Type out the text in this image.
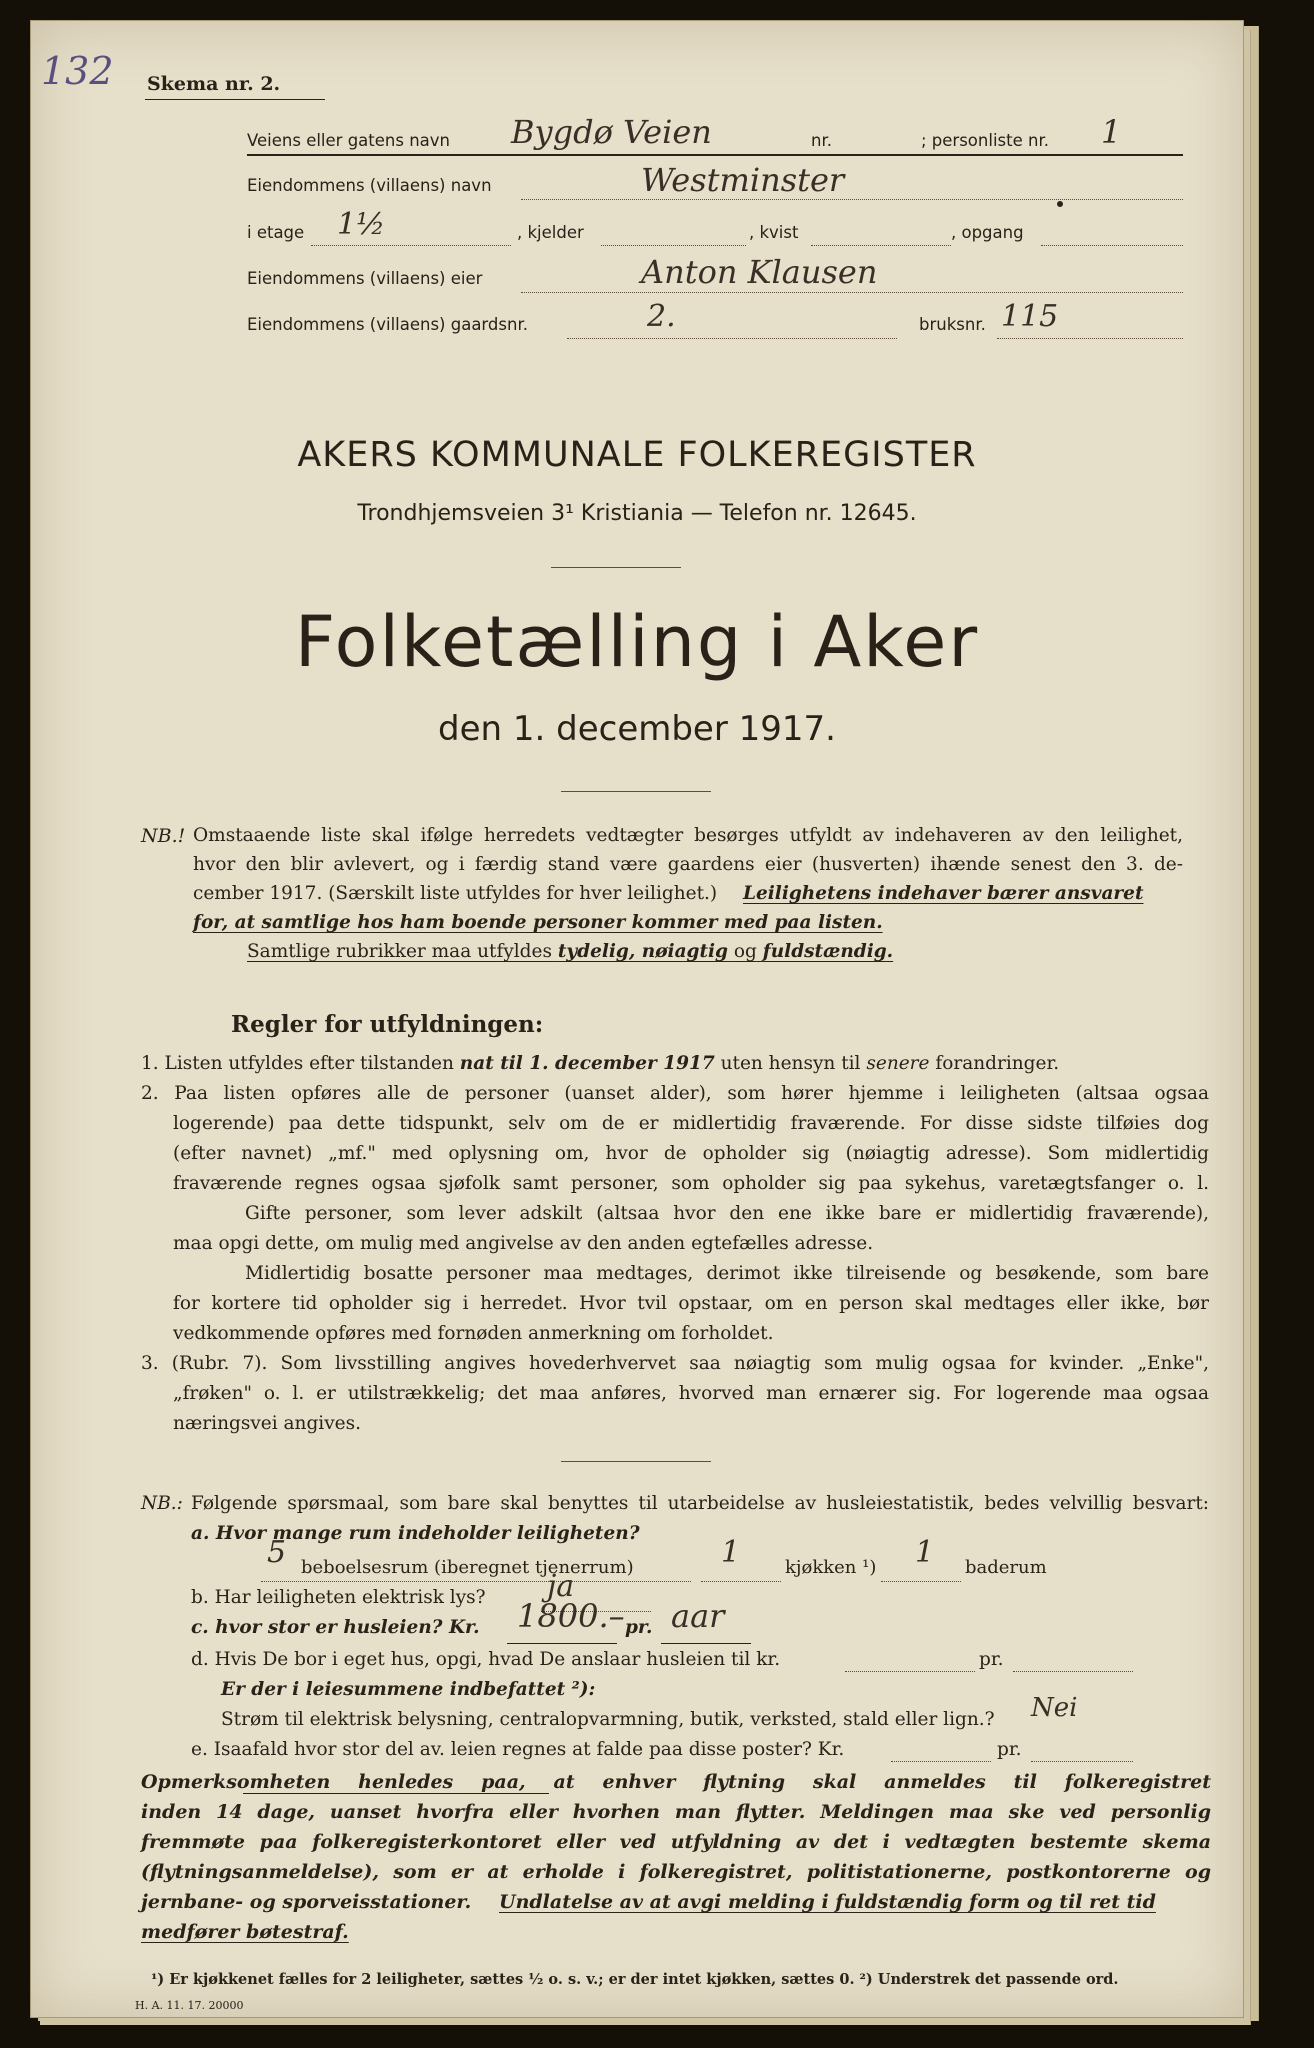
132 Skema nr. 2.
Veiens eller gatens navn Bygdø Veien	nr.	; personliste nr. 1
Eiendommens (villaens) navn	Westminster
i etage 1½	, kjelder	, kvist	, opgang
Eiendommens (villaens) eier	Anton Klausen
Eiendommens (villaens) gaardsnr.	2.	bruksnr. 115
AKERS KOMMUNALE FOLKEREGISTER
Trondhjemsveien 3¹ Kristiania — Telefon nr. 12645.
Folketælling i Aker
den 1. december 1917.
NB.! Omstaaende liste skal ifølge herredets vedtægter besørges utfyldt av indehaveren av den leilighet,
hvor den blir avlevert, og i færdig stand være gaardens eier (husverten) ihænde senest den 3. de-
cember 1917. (Særskilt liste utfyldes for hver leilighet.) Leilighetens indehaver bærer ansvaret
for, at samtlige hos ham boende personer kommer med paa listen.
Samtlige rubrikker maa utfyldes tydelig, nøiagtig og fuldstændig.
Regler for utfyldningen:
1. Listen utfyldes efter tilstanden nat til 1. december 1917 uten hensyn til senere forandringer.
2. Paa listen opføres alle de personer (uanset alder), som hører hjemme i leiligheten (altsaa ogsaa
logerende) paa dette tidspunkt, selv om de er midlertidig fraværende. For disse sidste tilføies dog
(efter navnet) „mf." med oplysning om, hvor de opholder sig (nøiagtig adresse). Som midlertidig
fraværende regnes ogsaa sjøfolk samt personer, som opholder sig paa sykehus, varetægtsfanger o. l.
Gifte personer, som lever adskilt (altsaa hvor den ene ikke bare er midlertidig fraværende),
maa opgi dette, om mulig med angivelse av den anden egtefælles adresse.
Midlertidig bosatte personer maa medtages, derimot ikke tilreisende og besøkende, som bare
for kortere tid opholder sig i herredet. Hvor tvil opstaar, om en person skal medtages eller ikke, bør
vedkommende opføres med fornøden anmerkning om forholdet.
3. (Rubr. 7). Som livsstilling angives hovederhvervet saa nøiagtig som mulig ogsaa for kvinder. „Enke",
„frøken" o. l. er utilstrækkelig; det maa anføres, hvorved man ernærer sig. For logerende maa ogsaa
næringsvei angives.
NB.: Følgende spørsmaal, som bare skal benyttes til utarbeidelse av husleiestatistik, bedes velvillig besvart:
a. Hvor mange rum indeholder leiligheten?
5 beboelsesrum (iberegnet tjenerrum)	1 kjøkken ¹) 1 baderum
b. Har leiligheten elektrisk lys? ja
c. hvor stor er husleien? Kr. 1800.– pr. aar
d. Hvis De bor i eget hus, opgi, hvad De anslaar husleien til kr.	pr.
Er der i leiesummene indbefattet ²):
Strøm til elektrisk belysning, centralopvarmning, butik, verksted, stald eller lign.? Nei
e. Isaafald hvor stor del av. leien regnes at falde paa disse poster? Kr.	pr.
Opmerksomheten henledes paa, at enhver flytning skal anmeldes til folkeregistret
inden 14 dage, uanset hvorfra eller hvorhen man flytter. Meldingen maa ske ved personlig
fremmøte paa folkeregisterkontoret eller ved utfyldning av det i vedtægten bestemte skema
(flytningsanmeldelse), som er at erholde i folkeregistret, politistationerne, postkontorerne og
jernbane- og sporveisstationer. Undlatelse av at avgi melding i fuldstændig form og til ret tid
medfører bøtestraf.
¹) Er kjøkkenet fælles for 2 leiligheter, sættes ½ o. s. v.; er der intet kjøkken, sættes 0. ²) Understrek det passende ord.
H. A. 11. 17. 20000
